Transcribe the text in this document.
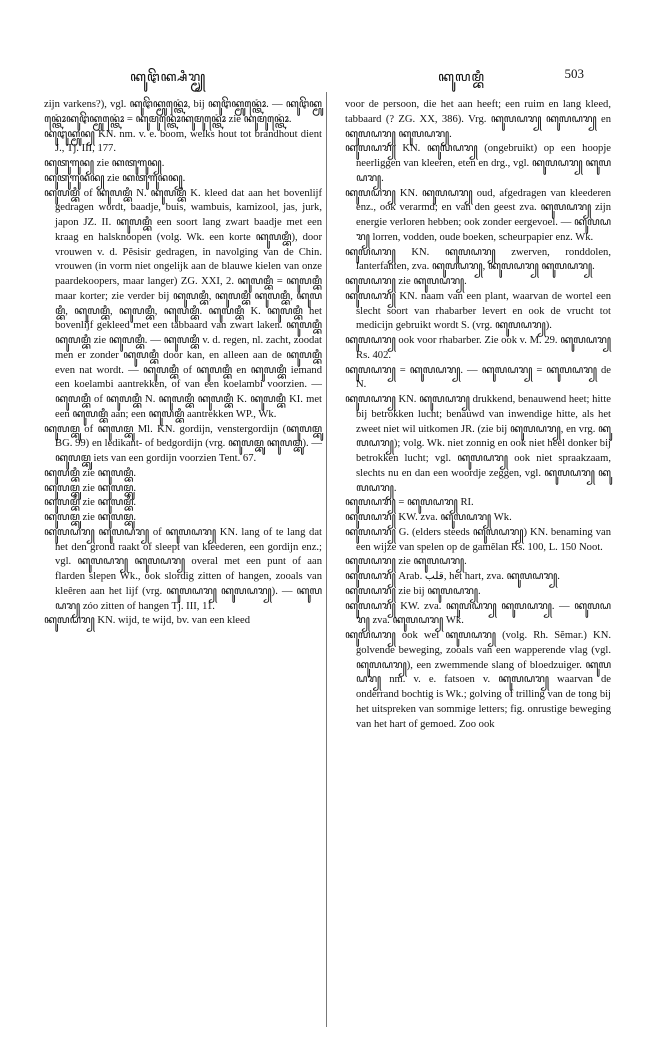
ꦏꦸꦛꦼꦏ꧀ꦱꦶꦫ꧀ꦩ꧀	ꦏꦸꦭꦩ꧀ꦧꦶ	503

zijn varkens?), vgl. ꦏꦸꦛꦼꦏ꧀ꦩꦸꦤ꧀ꦠꦺꦴꦁ, bij ꦏꦸꦛꦼꦏ꧀ꦩꦸꦤ꧀ꦠꦺꦴꦁ. — ꦏꦸꦛꦼꦏ꧀ꦩꦸꦤ꧀ꦠꦺꦴꦁꦏꦸꦛꦼꦏ꧀ꦩꦸꦤ꧀ꦠꦺꦴꦁ = ꦏꦸꦩꦸꦤ꧀ꦠꦺꦴꦁꦏꦸꦩꦸꦤ꧀ꦠꦺꦴꦁ zie ꦏꦸꦩꦸꦤ꧀ꦠꦺꦴꦁ.

ꦏꦸꦛꦸꦏ꧀ꦩꦸꦤ꧀ KN. nm. v. e. boom, welks hout tot brandhout dient J., Tj. III, 177.

ꦏꦸꦠꦸꦒꦸꦤ꧀ zie ꦏꦠꦸꦒꦸꦤ꧀.

ꦏꦸꦠꦸꦒꦸꦤꦤ꧀ zie ꦏꦠꦸꦒꦸꦤꦤ꧀.

ꦏꦸꦭꦩ꧀ꦧꦶ of ꦏꦸꦭꦩ꧀ꦧꦶ N. ꦏꦸꦭꦩ꧀ꦧꦶ K. kleed dat aan het bovenlijf gedragen wordt, baadje, buis, wambuis, kamizool, jas, jurk, japon JZ. II. ꦏꦸꦭꦩ꧀ꦧꦶ een soort lang zwart baadje met een kraag en halsknoopen (volg. Wk. een korte ꦏꦸꦭꦩ꧀ꦧꦶ), door vrouwen v. d. Pĕsisir gedragen, in navolging van de Chin. vrouwen (in vorm niet ongelijk aan de blauwe kielen van onze paardekoopers, maar langer) ZG. XXI, 2. ꦏꦸꦭꦩ꧀ꦧꦶ = ꦏꦸꦭꦩ꧀ꦧꦶ maar korter; zie verder bij ꦏꦸꦭꦩ꧀ꦧꦶ, ꦏꦸꦭꦩ꧀ꦧꦶ ꦏꦸꦭꦩ꧀ꦧꦶ, ꦏꦸꦭꦩ꧀ꦧꦶ, ꦏꦸꦭꦩ꧀ꦧꦶ, ꦏꦸꦭꦩ꧀ꦧꦶ, ꦏꦸꦭꦩ꧀ꦧꦶ. ꦏꦸꦭꦩ꧀ꦧꦶ K. ꦏꦸꦭꦩ꧀ꦧꦶ het bovenlijf gekleed met een tabbaard van zwart laken. ꦏꦸꦭꦩ꧀ꦧꦶ ꦏꦸꦭꦩ꧀ꦧꦶ zie ꦏꦸꦭꦩ꧀ꦧꦶ. — ꦏꦸꦭꦩ꧀ꦧꦶ v. d. regen, nl. zacht, zoodat men er zonder ꦏꦸꦭꦩ꧀ꦧꦶ door kan, en alleen aan de ꦏꦸꦭꦩ꧀ꦧꦶ even nat wordt. — ꦏꦸꦭꦩ꧀ꦧꦶ of ꦏꦸꦭꦩ꧀ꦧꦶ en ꦏꦸꦭꦩ꧀ꦧꦶ iemand een koelambi aantrekken, of van een koelambi voorzien. — ꦏꦸꦭꦩ꧀ꦧꦶ of ꦏꦸꦭꦩ꧀ꦧꦶ N. ꦏꦸꦭꦩ꧀ꦧꦶ ꦏꦸꦭꦩ꧀ꦧꦶ K. ꦏꦸꦭꦩ꧀ꦧꦶ KI. met een ꦏꦸꦭꦩ꧀ꦧꦶ aan; een ꦏꦸꦭꦩ꧀ꦧꦶ aantrekken WP., Wk.

ꦏꦸꦭꦩ꧀ꦧꦸ of ꦏꦸꦭꦩ꧀ꦧꦸ Ml. KN. gordijn, venstergordijn (ꦏꦸꦭꦩ꧀ꦧꦸ BG. 99) en ledikant- of bedgordijn (vrg. ꦏꦸꦭꦩ꧀ꦧꦸ ꦏꦸꦭꦩ꧀ꦧꦸ). — ꦏꦸꦭꦩ꧀ꦧꦸ iets van een gordijn voorzien Tent. 67.

ꦏꦸꦭꦩ꧀ꦧꦶ zie ꦏꦸꦭꦩ꧀ꦧꦶ.

ꦏꦸꦭꦩ꧀ꦧꦸ zie ꦏꦸꦭꦩ꧀ꦧꦸ.

ꦏꦸꦭꦩ꧀ꦧꦶ zie ꦏꦸꦭꦩ꧀ꦧꦶ.

ꦏꦸꦭꦩ꧀ꦧꦸ zie ꦏꦸꦭꦩ꧀ꦧꦸ.

ꦏꦸꦭꦝꦫ꧀ ꦏꦸꦭꦝꦫ꧀ of ꦏꦸꦭꦝꦫ꧀ KN. lang of te lang dat het den grond raakt of sleept van kleederen, een gordijn enz.; vgl. ꦏꦸꦭꦝꦫ꧀ ꦏꦸꦭꦝꦫ꧀ overal met een punt of aan flarden slepen Wk., ook slordig zitten of hangen, zooals van kleêren aan het lijf (vrg. ꦏꦸꦭꦝꦫ꧀ ꦏꦸꦭꦝꦫ꧀). — ꦏꦸꦭꦝꦫ꧀ zóo zitten of hangen Tj. III, 11.

ꦏꦸꦭꦝꦫ꧀ KN. wijd, te wijd, bv. van een kleed

voor de persoon, die het aan heeft; een ruim en lang kleed, tabbaard (? ZG. XX, 386). Vrg. ꦏꦸꦭꦝꦫ꧀ ꦏꦸꦭꦝꦫ꧀ en ꦏꦸꦭꦝꦫ꧀ ꦏꦸꦭꦝꦫ꧀.

ꦏꦸꦭꦝꦫ꧀ KN. ꦏꦸꦭꦝꦫ꧀ (ongebruikt) op een hoopje neerliggen van kleeren, eten en drg., vgl. ꦏꦸꦭꦝꦫ꧀ ꦏꦸꦭꦝꦫ꧀.

ꦏꦸꦭꦝꦫ꧀ KN. ꦏꦸꦭꦝꦫ꧀ oud, afgedragen van kleederen enz., ook verarmd; en van den geest zva. ꦏꦸꦭꦝꦫ꧀ zijn energie verloren hebben; ook zonder eergevoel. — ꦏꦸꦭꦝꦫ꧀ lorren, vodden, oude boeken, scheurpapier enz. Wk.

ꦏꦸꦭꦝꦫ꧀ KN. ꦏꦸꦭꦝꦫ꧀ zwerven, ronddolen, lanterfanten, zva. ꦏꦸꦭꦝꦫ꧀, ꦏꦸꦭꦝꦫ꧀ ꦏꦸꦭꦝꦫ꧀.

ꦏꦸꦭꦝꦫ꧀ zie ꦏꦸꦭꦝꦫ꧀.

ꦏꦸꦭꦝꦫ꧀ KN. naam van een plant, waarvan de wortel een slecht soort van rhabarber levert en ook de vrucht tot medicijn gebruikt wordt S. (vrg. ꦏꦸꦭꦝꦫ꧀).

ꦏꦸꦭꦝꦫ꧀ ook voor rhabarber. Zie ook v. M. 29. ꦏꦸꦭꦝꦫ꧀ Rs. 402.

ꦏꦸꦭꦝꦫ꧀ = ꦏꦸꦭꦝꦫ꧀. — ꦏꦸꦭꦝꦫ꧀ = ꦏꦸꦭꦝꦫ꧀ de N.

ꦏꦸꦭꦝꦫ꧀ KN. ꦏꦸꦭꦝꦫ꧀ drukkend, benauwend heet; hitte bij betrokken lucht; benauwd van inwendige hitte, als het zweet niet wil uitkomen JR. (zie bij ꦏꦸꦭꦝꦫ꧀, en vrg. ꦏꦸꦭꦝꦫ꧀); volg. Wk. niet zonnig en ook niet heel donker bij betrokken lucht; vgl. ꦏꦸꦭꦝꦫ꧀ ook niet spraakzaam, slechts nu en dan een woordje zeggen, vgl. ꦏꦸꦭꦝꦫ꧀ ꦏꦸꦭꦝꦫ꧀.

ꦏꦸꦭꦝꦫ꧀ = ꦏꦸꦭꦝꦫ꧀ RI.

ꦏꦸꦭꦝꦫ꧀ KW. zva. ꦏꦸꦭꦝꦫ꧀ Wk.

ꦏꦸꦭꦝꦫ꧀ G. (elders steeds ꦏꦸꦭꦝꦫ꧀) KN. benaming van een wijze van spelen op de gamĕlan Rs. 100, L. 150 Noot.

ꦏꦸꦭꦝꦫ꧀ zie ꦏꦸꦭꦝꦫ꧀.

ꦏꦸꦭꦝꦫ꧀ Arab. ﻗﻠﺐ, het hart, zva. ꦏꦸꦭꦝꦫ꧀.

ꦏꦸꦭꦝꦫ꧀ zie bij ꦏꦸꦭꦝꦫ꧀.

ꦏꦸꦭꦝꦫ꧀ KW. zva. ꦏꦸꦭꦝꦫ꧀ ꦏꦸꦭꦝꦫ꧀. — ꦏꦸꦭꦝꦫ꧀ zva. ꦏꦸꦭꦝꦫ꧀ Wk.

ꦏꦸꦭꦝꦫ꧀ ook wel ꦏꦸꦭꦝꦫ꧀ (volg. Rh. Sĕmar.) KN. golvende beweging, zooals van een wapperende vlag (vgl. ꦏꦸꦭꦝꦫ꧀), een zwemmende slang of bloedzuiger. ꦏꦸꦭꦝꦫ꧀ nm. v. e. fatsoen v. ꦏꦸꦭꦝꦫ꧀ waarvan de onderrand bochtig is Wk.; golving of trilling van de tong bij het uitspreken van sommige letters; fig. onrustige beweging van het hart of gemoed. Zoo ook
